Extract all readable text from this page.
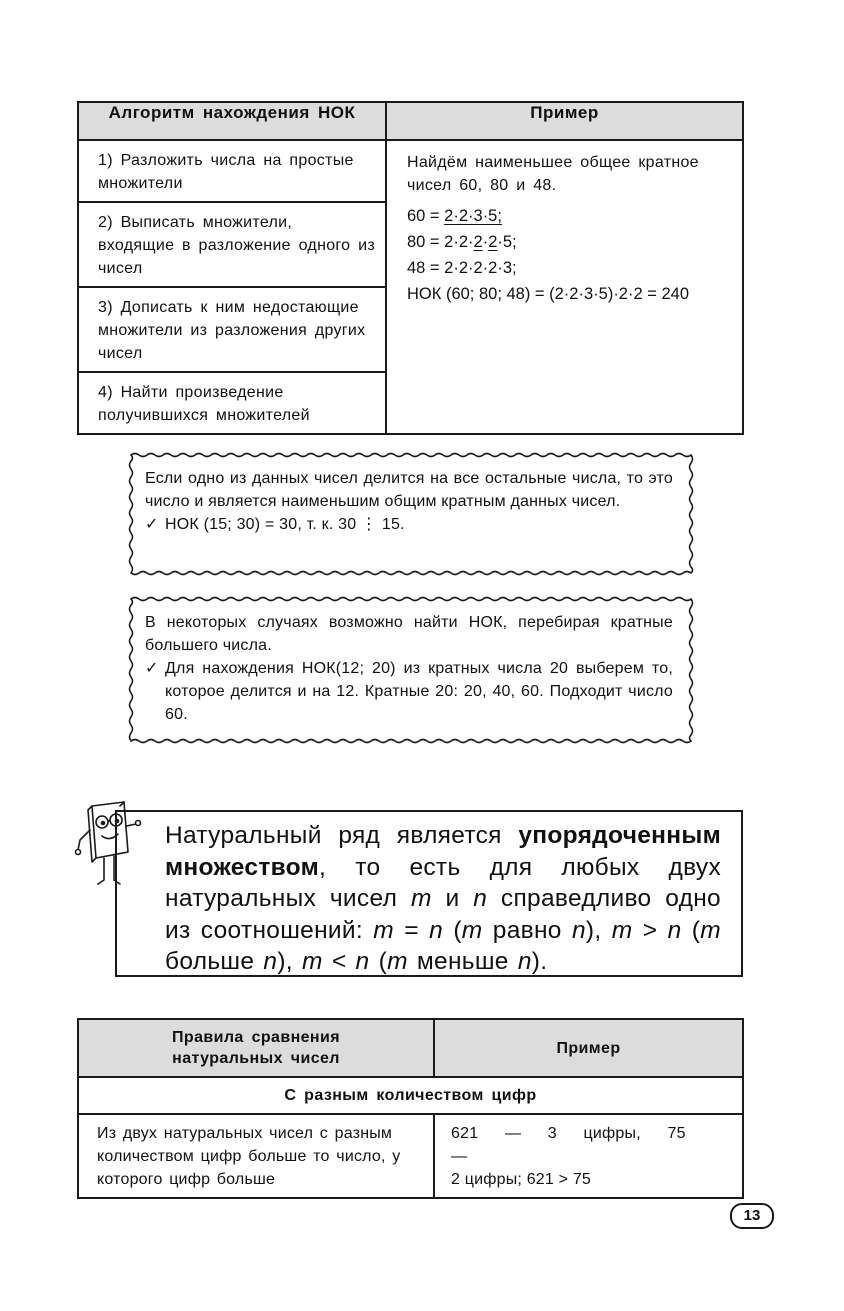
Алгоритм нахождения НОК	Пример
1) Разложить числа на простые множители	Найдём наименьшее общее кратное чисел 60, 80 и 48.
60 = 2·2·3·5;
80 = 2·2·2·2·5;
48 = 2·2·2·2·3;
НОК (60; 80; 48) = (2·2·3·5)·2·2 = 240

2) Выписать множители, входящие в разложение одного из чисел	
3) Дописать к ним недостающие множители из разложения других чисел	
4) Найти произведение получившихся множителей	
Если одно из данных чисел делится на все остальные числа, то это число и является наименьшим общим кратным данных чисел.
✓ НОК (15; 30) = 30, т. к. 30 ⋮ 15.
В некоторых случаях возможно найти НОК, перебирая кратные большего числа.
✓ Для нахождения НОК(12; 20) из кратных числа 20 выберем то, которое делится и на 12. Кратные 20: 20, 40, 60. Подходит число 60.
Натуральный ряд является упорядоченным множеством, то есть для любых двух натуральных чисел m и n справедливо одно из соотношений: m = n (m равно n), m > n (m больше n), m < n (m меньше n).
Правила сравнения натуральных чисел	Пример
С разным количеством цифр	
Из двух натуральных чисел с разным количеством цифр больше то число, у которого цифр больше	621 — 3 цифры, 75 —
2 цифры; 621 > 75
13
